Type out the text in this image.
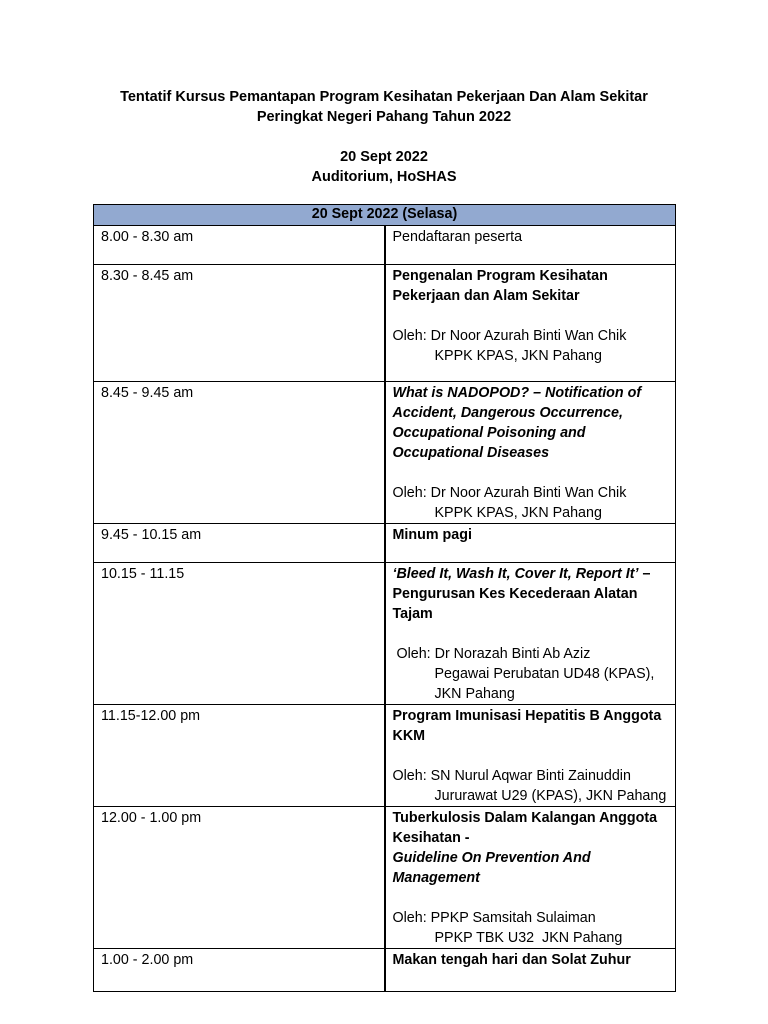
Tentatif Kursus Pemantapan Program Kesihatan Pekerjaan Dan Alam Sekitar
Peringkat Negeri Pahang Tahun 2022
20 Sept 2022
Auditorium, HoSHAS
20 Sept 2022 (Selasa)	
8.00 - 8.30 am	Pendaftaran peserta

8.30 - 8.45 am	Pengenalan Program Kesihatan Pekerjaan dan Alam Sekitar
Oleh: Dr Noor Azurah Binti Wan Chik
KPPK KPAS, JKN Pahang

8.45 - 9.45 am	What is NADOPOD? – Notification of Accident, Dangerous Occurrence, Occupational Poisoning and Occupational Diseases
Oleh: Dr Noor Azurah Binti Wan Chik
KPPK KPAS, JKN Pahang

9.45 - 10.15 am	Minum pagi

10.15 - 11.15	‘Bleed It, Wash It, Cover It, Report It’ – Pengurusan Kes Kecederaan Alatan Tajam
Oleh: Dr Norazah Binti Ab Aziz
Pegawai Perubatan UD48 (KPAS), JKN Pahang

11.15-12.00 pm	Program Imunisasi Hepatitis B Anggota KKM
Oleh: SN Nurul Aqwar Binti Zainuddin
Jururawat U29 (KPAS), JKN Pahang

12.00 - 1.00 pm	Tuberkulosis Dalam Kalangan Anggota Kesihatan -
Guideline On Prevention And Management
Oleh: PPKP Samsitah Sulaiman
PPKP TBK U32  JKN Pahang

1.00 - 2.00 pm	Makan tengah hari dan Solat Zuhur
